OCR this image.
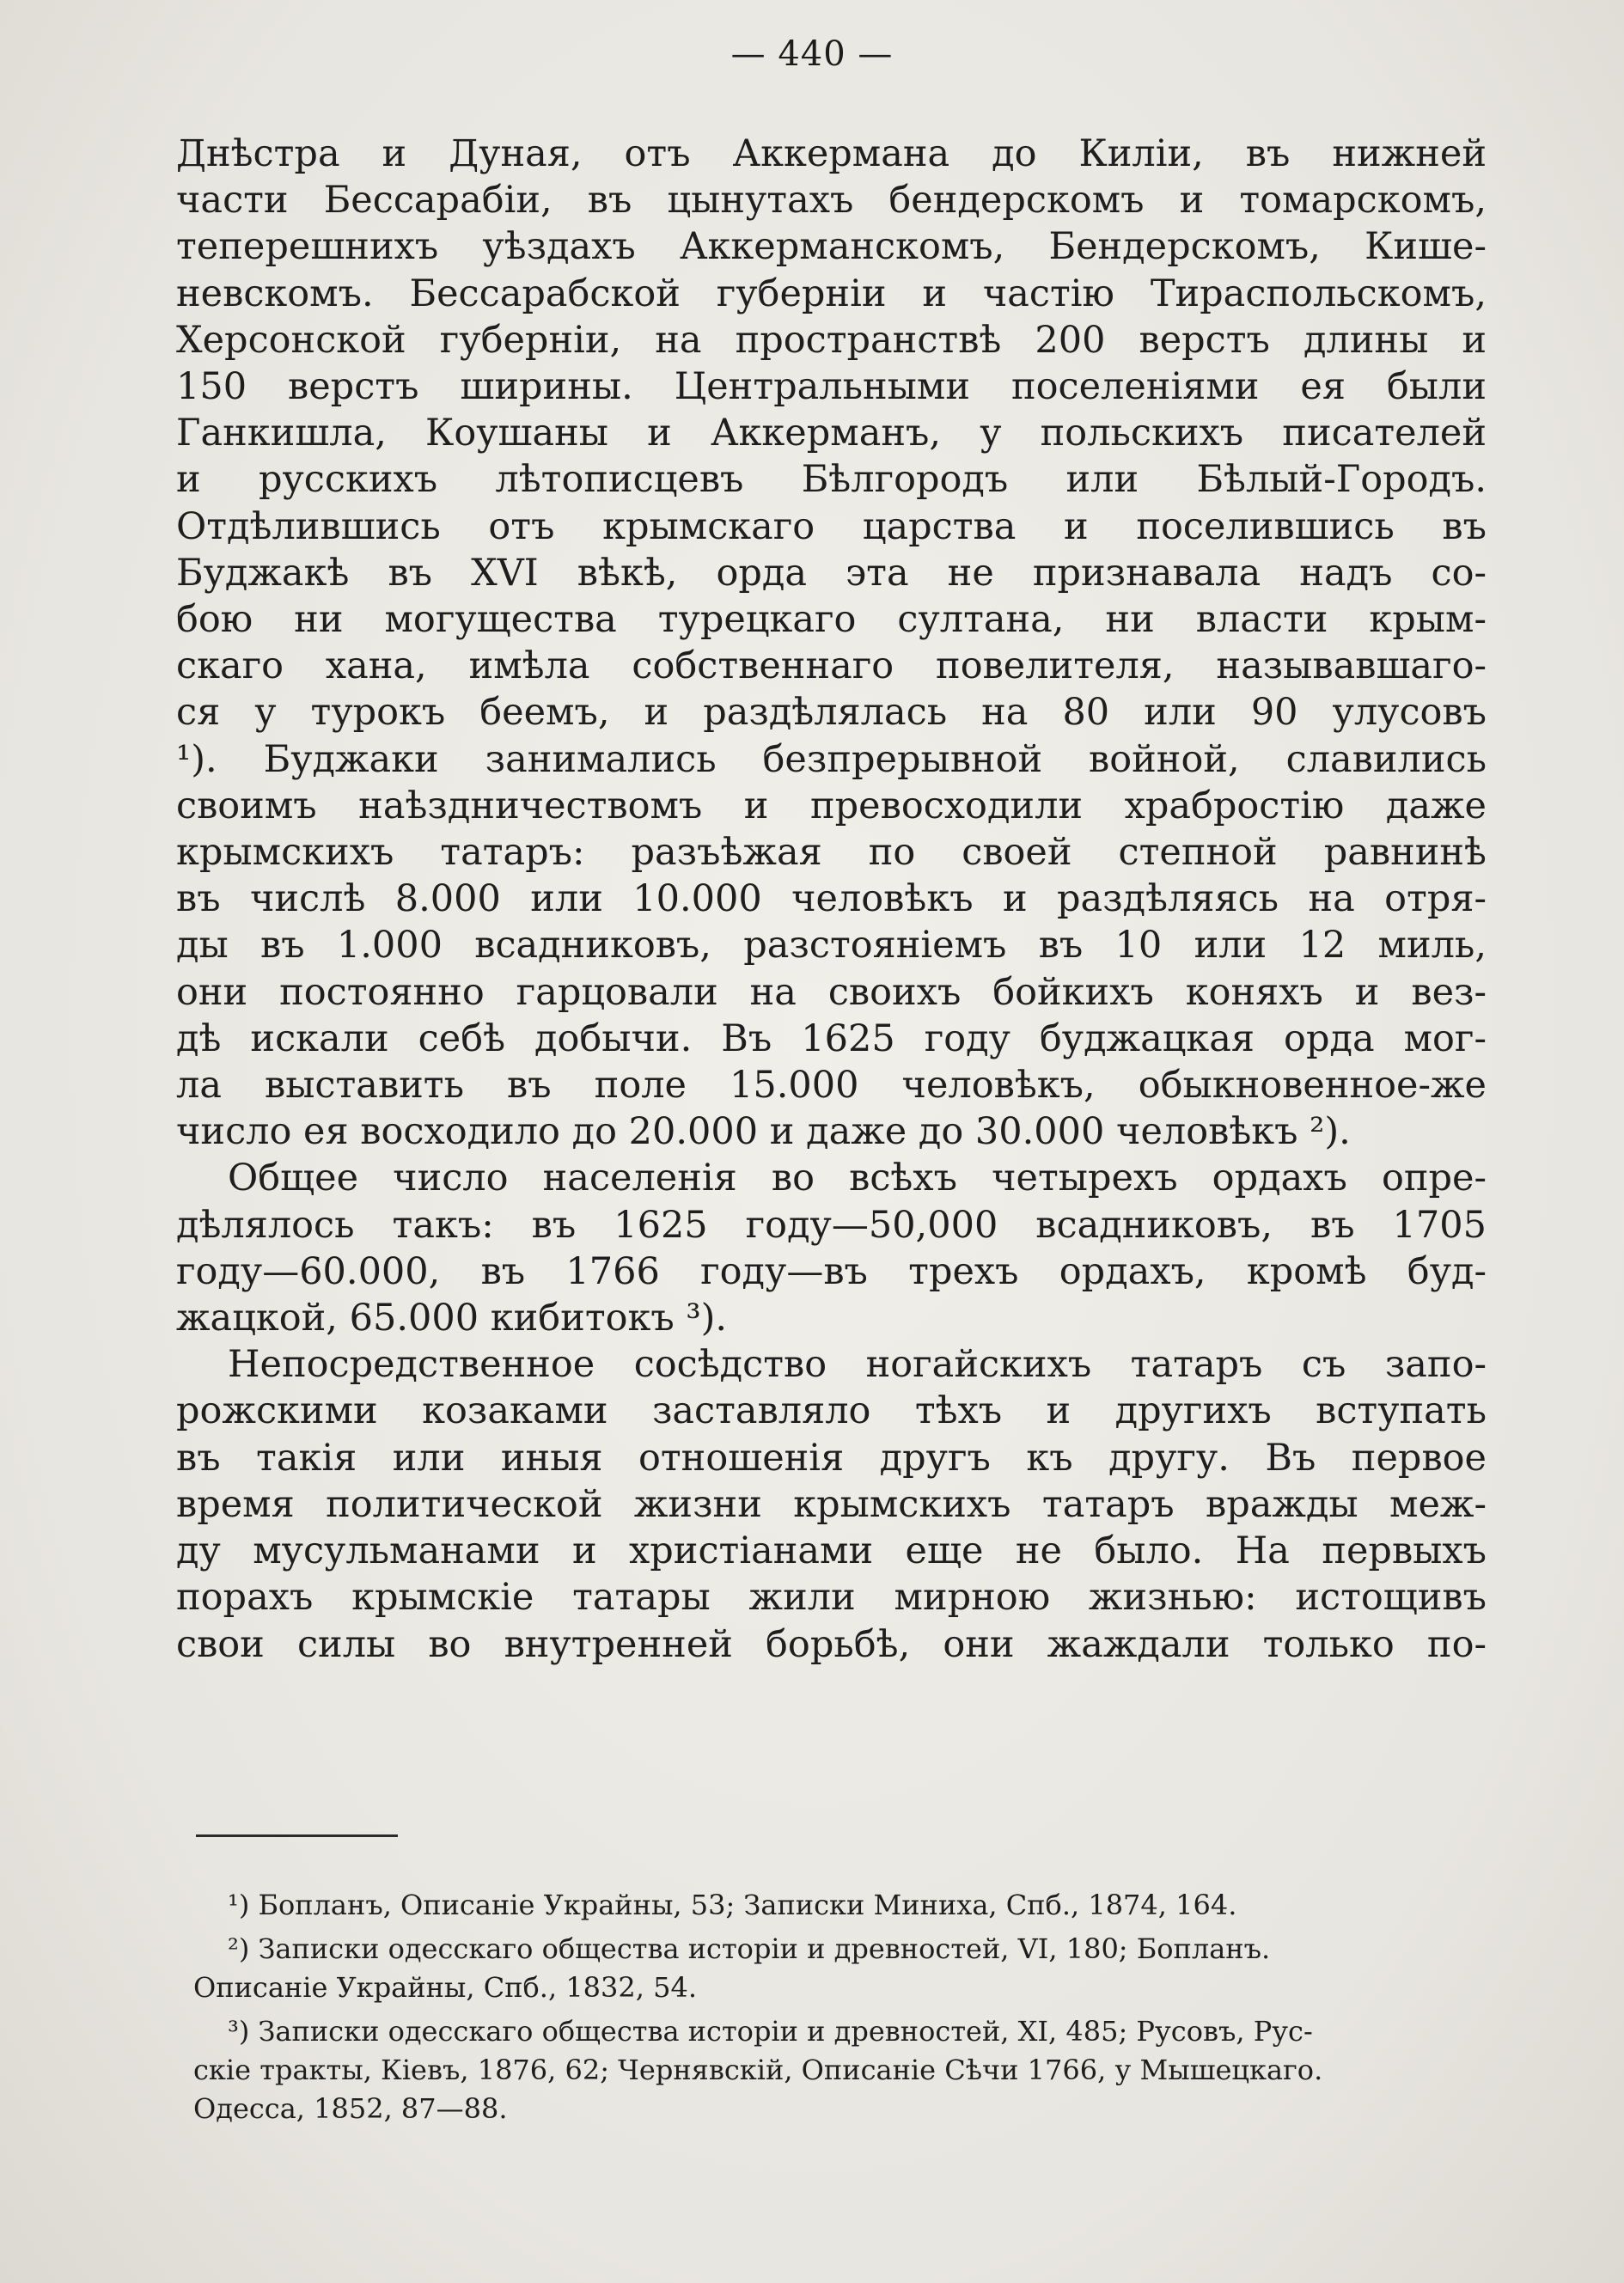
— 440 —
Днѣстра и Дуная, отъ Аккермана до Киліи, въ нижней
части Бессарабіи, въ цынутахъ бендерскомъ и томарскомъ,
теперешнихъ уѣздахъ Аккерманскомъ, Бендерскомъ, Кишe-
невскомъ. Бессарабской губерніи и частію Тираспольскомъ,
Херсонской губерніи, на пространствѣ 200 верстъ длины и
150 верстъ ширины. Центральными поселеніями ея были
Ганкишла, Коушаны и Аккерманъ, у польскихъ писателей
и русскихъ лѣтописцевъ Бѣлгородъ или Бѣлый-Городъ.
Отдѣлившись отъ крымскаго царства и поселившись въ
Буджакѣ въ XVI вѣкѣ, орда эта не признавала надъ со-
бою ни могущества турецкаго султана, ни власти крым-
скаго хана, имѣла собственнаго повелителя, называвшаго-
ся у турокъ беемъ, и раздѣлялась на 80 или 90 улусовъ
¹). Буджаки занимались безпрерывной войной, славились
своимъ наѣздничествомъ и превосходили храбростію даже
крымскихъ татаръ: разъѣжая по своей степной равнинѣ
въ числѣ 8.000 или 10.000 человѣкъ и раздѣляясь на отря-
ды въ 1.000 всадниковъ, разстояніемъ въ 10 или 12 миль,
они постоянно гарцовали на своихъ бойкихъ коняхъ и вез-
дѣ искали себѣ добычи. Въ 1625 году буджацкая орда мог-
ла выставить въ поле 15.000 человѣкъ, обыкновенное-же
число ея восходило до 20.000 и даже до 30.000 человѣкъ ²).
Общее число населенія во всѣхъ четырехъ ордахъ опре-
дѣлялось такъ: въ 1625 году—50,000 всадниковъ, въ 1705
году—60.000, въ 1766 году—въ трехъ ордахъ, кромѣ буд-
жацкой, 65.000 кибитокъ ³).
Непосредственное сосѣдство ногайскихъ татаръ съ запо-
рожскими козаками заставляло тѣхъ и другихъ вступать
въ такія или иныя отношенія другъ къ другу. Въ первое
время политической жизни крымскихъ татаръ вражды меж-
ду мусульманами и христіанами еще не было. На первыхъ
порахъ крымскіе татары жили мирною жизнью: истощивъ
свои силы во внутренней борьбѣ, они жаждали только по-
¹) Бопланъ, Описаніе Украйны, 53; Записки Миниха, Спб., 1874, 164.
²) Записки одесскаго общества исторіи и древностей, VI, 180; Бопланъ.
Описаніе Украйны, Спб., 1832, 54.
³) Записки одесскаго общества исторіи и древностей, XI, 485; Русовъ, Рус-
скіе тракты, Кіевъ, 1876, 62; Чернявскій, Описаніе Сѣчи 1766, у Мышецкаго.
Одесса, 1852, 87—88.
